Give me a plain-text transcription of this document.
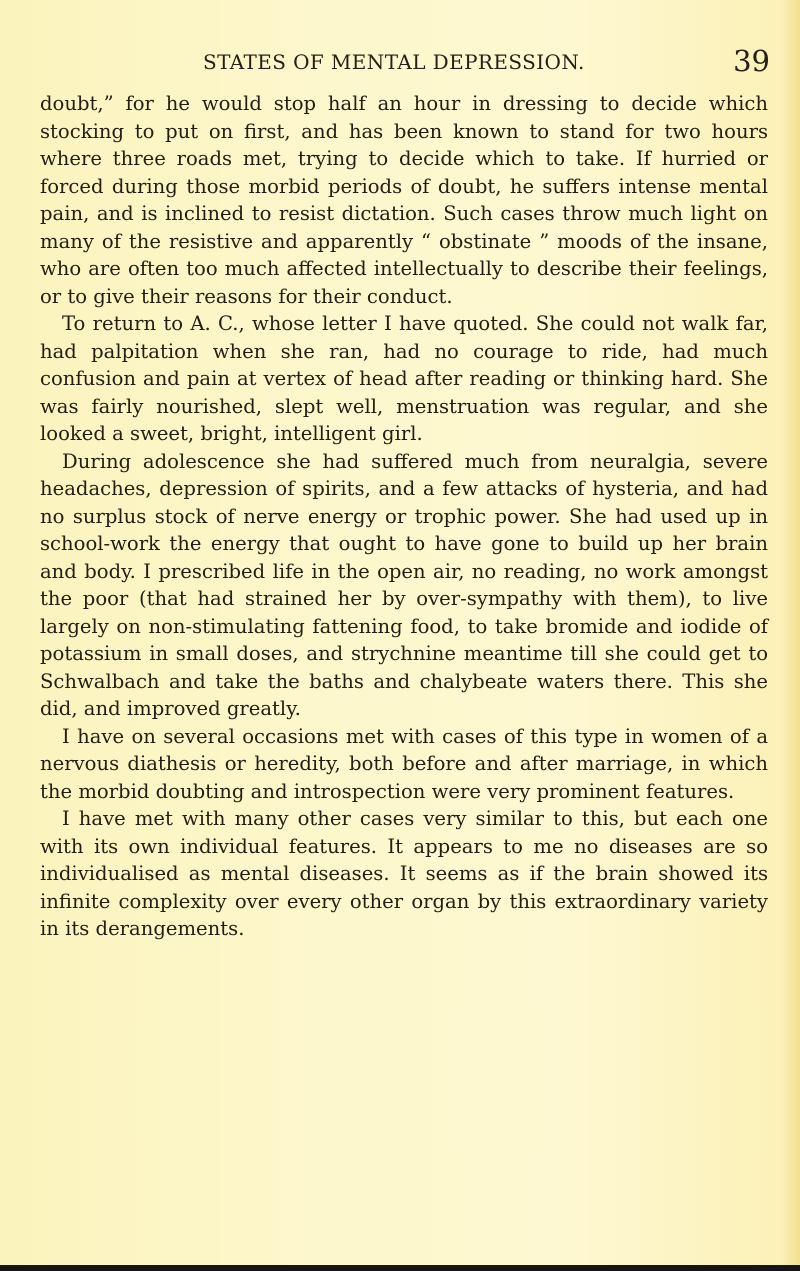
STATES OF MENTAL DEPRESSION.	39

doubt,” for he would stop half an hour in dressing to decide which stocking to put on first, and has been known to stand for two hours where three roads met, trying to decide which to take. If hurried or forced during those morbid periods of doubt, he suffers intense mental pain, and is inclined to resist dictation. Such cases throw much light on many of the resistive and apparently “ obstinate ” moods of the insane, who are often too much affected intellectually to describe their feelings, or to give their reasons for their conduct.

To return to A. C., whose letter I have quoted. She could not walk far, had palpitation when she ran, had no courage to ride, had much confusion and pain at vertex of head after reading or thinking hard. She was fairly nourished, slept well, menstruation was regular, and she looked a sweet, bright, intelligent girl.

During adolescence she had suffered much from neuralgia, severe headaches, depression of spirits, and a few attacks of hysteria, and had no surplus stock of nerve energy or trophic power. She had used up in school-work the energy that ought to have gone to build up her brain and body. I prescribed life in the open air, no reading, no work amongst the poor (that had strained her by over-sympathy with them), to live largely on non-stimulating fattening food, to take bromide and iodide of potassium in small doses, and strychnine meantime till she could get to Schwalbach and take the baths and chalybeate waters there. This she did, and improved greatly.

I have on several occasions met with cases of this type in women of a nervous diathesis or heredity, both before and after marriage, in which the morbid doubting and introspection were very prominent features.

I have met with many other cases very similar to this, but each one with its own individual features. It appears to me no diseases are so individualised as mental diseases. It seems as if the brain showed its infinite complexity over every other organ by this extraordinary variety in its derangements.
